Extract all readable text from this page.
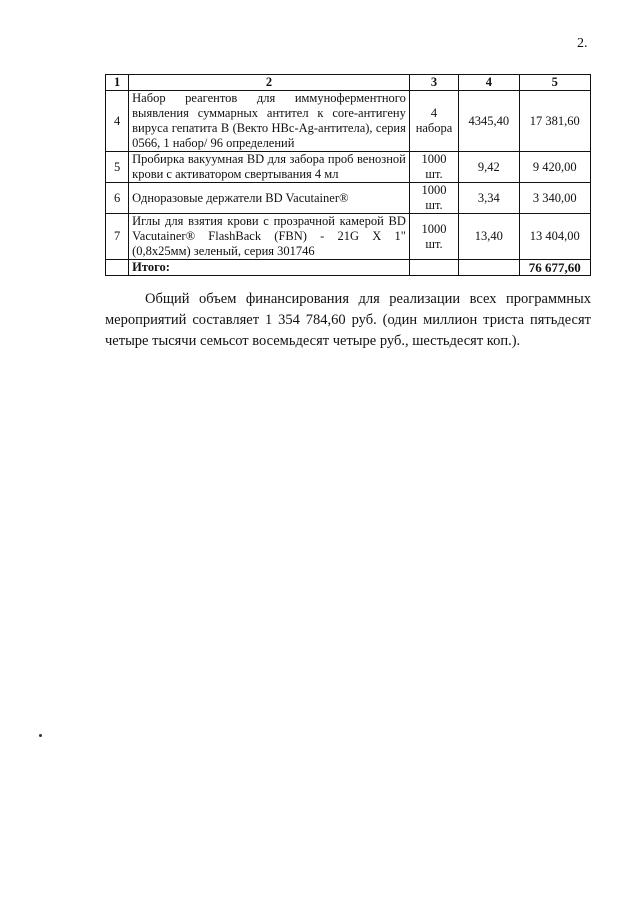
2.
1	2	3	4	5
4	Набор реагентов для иммуноферментного выявления суммарных антител к core-антигену вируса гепатита В (Векто НВс-Ag-антитела), серия 0566, 1 набор/ 96 определений	4 набора	4345,40	17 381,60
5	Пробирка вакуумная BD для забора проб венозной крови с активатором свертывания 4 мл	1000 шт.	9,42	9 420,00
6	Одноразовые держатели BD Vacutainer®	1000 шт.	3,34	3 340,00
7	Иглы для взятия крови с прозрачной камерой BD Vacutainer® FlashBack (FBN) - 21G X 1" (0,8x25мм) зеленый, серия 301746	1000 шт.	13,40	13 404,00
	Итого:			76 677,60

Общий объем финансирования для реализации всех программных мероприятий составляет 1 354 784,60 руб. (один миллион триста пятьдесят четыре тысячи семьсот восемьдесят четыре руб., шестьдесят коп.).
